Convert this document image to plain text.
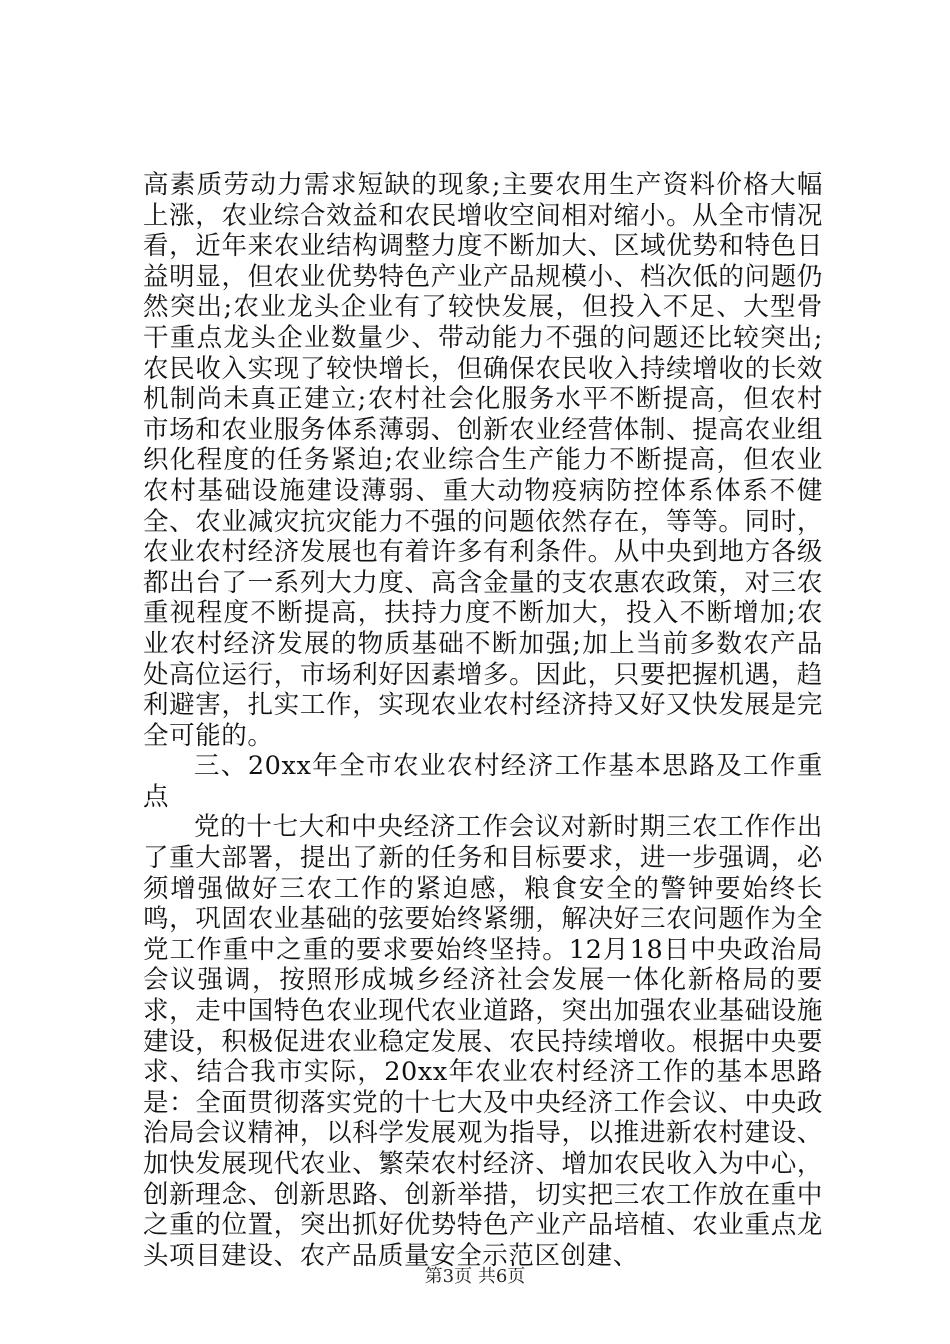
高素质劳动力需求短缺的现象;主要农用生产资料价格大幅上涨，农业综合效益和农民增收空间相对缩小。从全市情况看，近年来农业结构调整力度不断加大、区域优势和特色日益明显，但农业优势特色产业产品规模小、档次低的问题仍然突出;农业龙头企业有了较快发展，但投入不足、大型骨干重点龙头企业数量少、带动能力不强的问题还比较突出;农民收入实现了较快增长，但确保农民收入持续增收的长效机制尚未真正建立;农村社会化服务水平不断提高，但农村市场和农业服务体系薄弱、创新农业经营体制、提高农业组织化程度的任务紧迫;农业综合生产能力不断提高，但农业农村基础设施建设薄弱、重大动物疫病防控体系体系不健全、农业减灾抗灾能力不强的问题依然存在，等等。同时，农业农村经济发展也有着许多有利条件。从中央到地方各级都出台了一系列大力度、高含金量的支农惠农政策，对三农重视程度不断提高，扶持力度不断加大，投入不断增加;农业农村经济发展的物质基础不断加强;加上当前多数农产品处高位运行，市场利好因素增多。因此，只要把握机遇，趋利避害，扎实工作，实现农业农村经济持又好又快发展是完全可能的。

三、20xx年全市农业农村经济工作基本思路及工作重点

党的十七大和中央经济工作会议对新时期三农工作作出了重大部署，提出了新的任务和目标要求，进一步强调，必须增强做好三农工作的紧迫感，粮食安全的警钟要始终长鸣，巩固农业基础的弦要始终紧绷，解决好三农问题作为全党工作重中之重的要求要始终坚持。12月18日中央政治局会议强调，按照形成城乡经济社会发展一体化新格局的要求，走中国特色农业现代农业道路，突出加强农业基础设施建设，积极促进农业稳定发展、农民持续增收。根据中央要求、结合我市实际，20xx年农业农村经济工作的基本思路是：全面贯彻落实党的十七大及中央经济工作会议、中央政治局会议精神，以科学发展观为指导，以推进新农村建设、加快发展现代农业、繁荣农村经济、增加农民收入为中心，创新理念、创新思路、创新举措，切实把三农工作放在重中之重的位置，突出抓好优势特色产业产品培植、农业重点龙头项目建设、农产品质量安全示范区创建、

第3页 共6页
